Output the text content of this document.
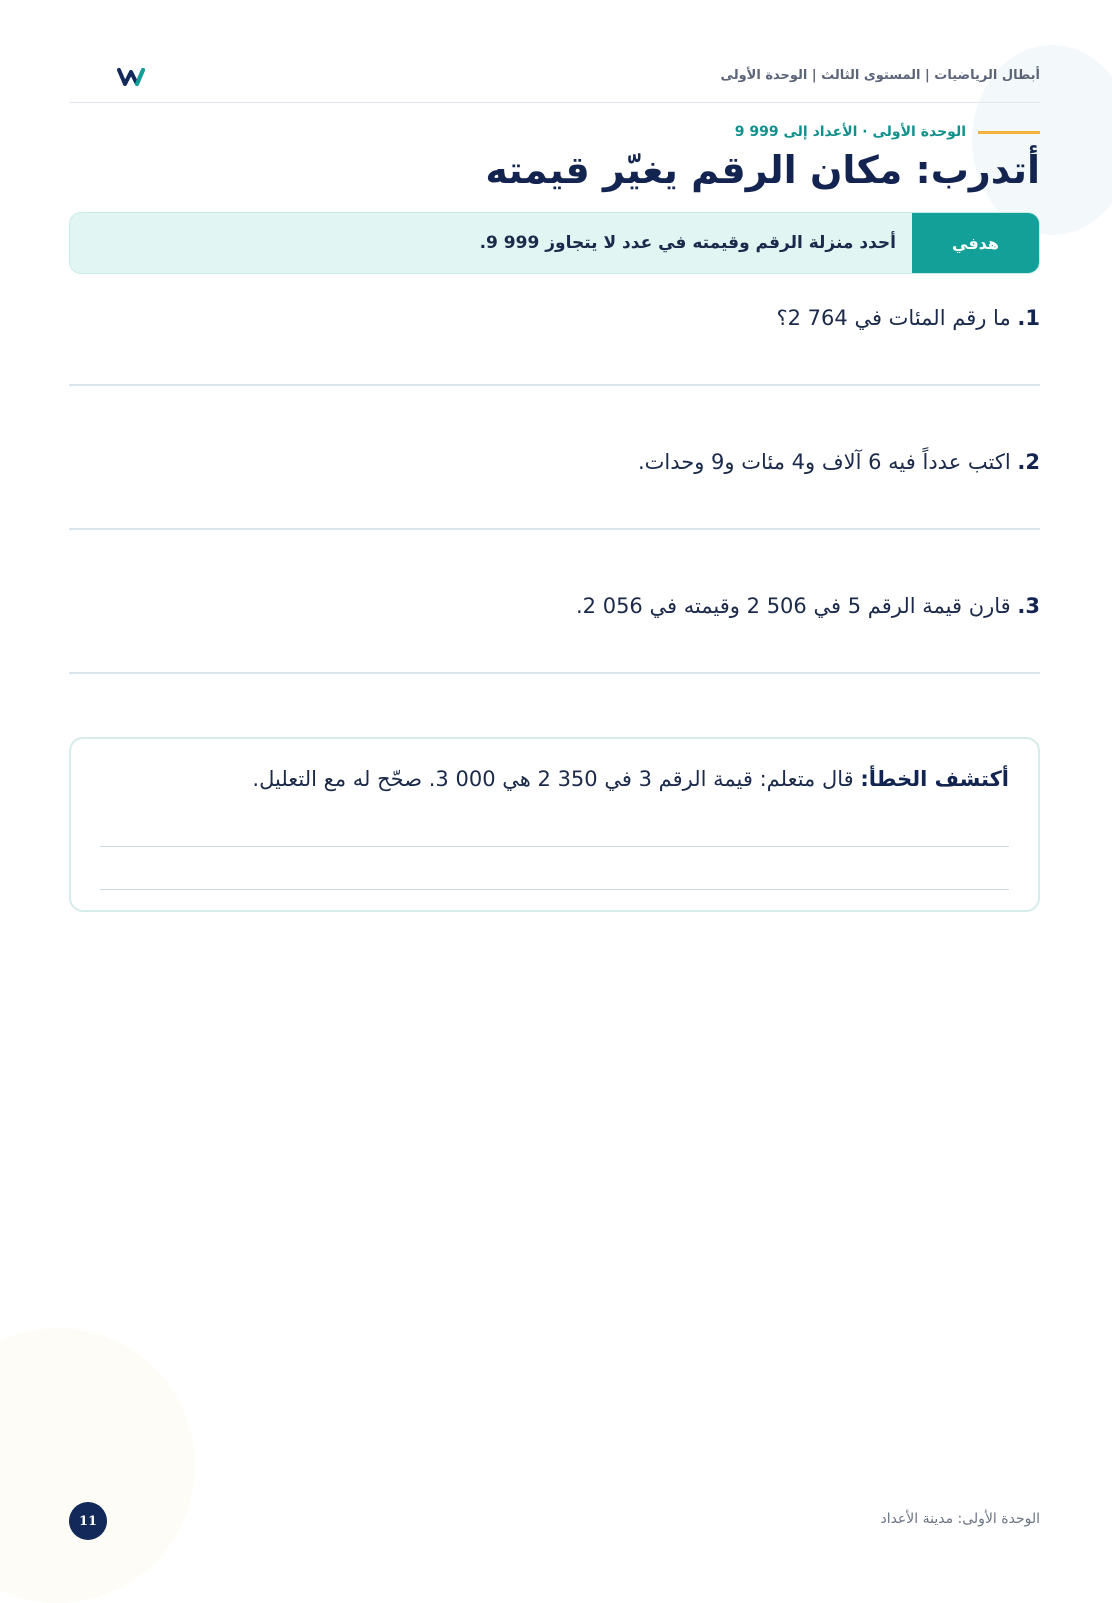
أبطال الرياضيات | المستوى الثالث | الوحدة الأولى
الوحدة الأولى · الأعداد إلى 999 9
أتدرب: مكان الرقم يغيّر قيمته
هدفي
أحدد منزلة الرقم وقيمته في عدد لا يتجاوز 999 9.
1. ما رقم المئات في 764 2؟
2. اكتب عدداً فيه 6 آلاف و4 مئات و9 وحدات.
3. قارن قيمة الرقم 5 في 506 2 وقيمته في 056 2.
أكتشف الخطأ: قال متعلم: قيمة الرقم 3 في 350 2 هي 000 3. صحّح له مع التعليل.
11	الوحدة الأولى: مدينة الأعداد
